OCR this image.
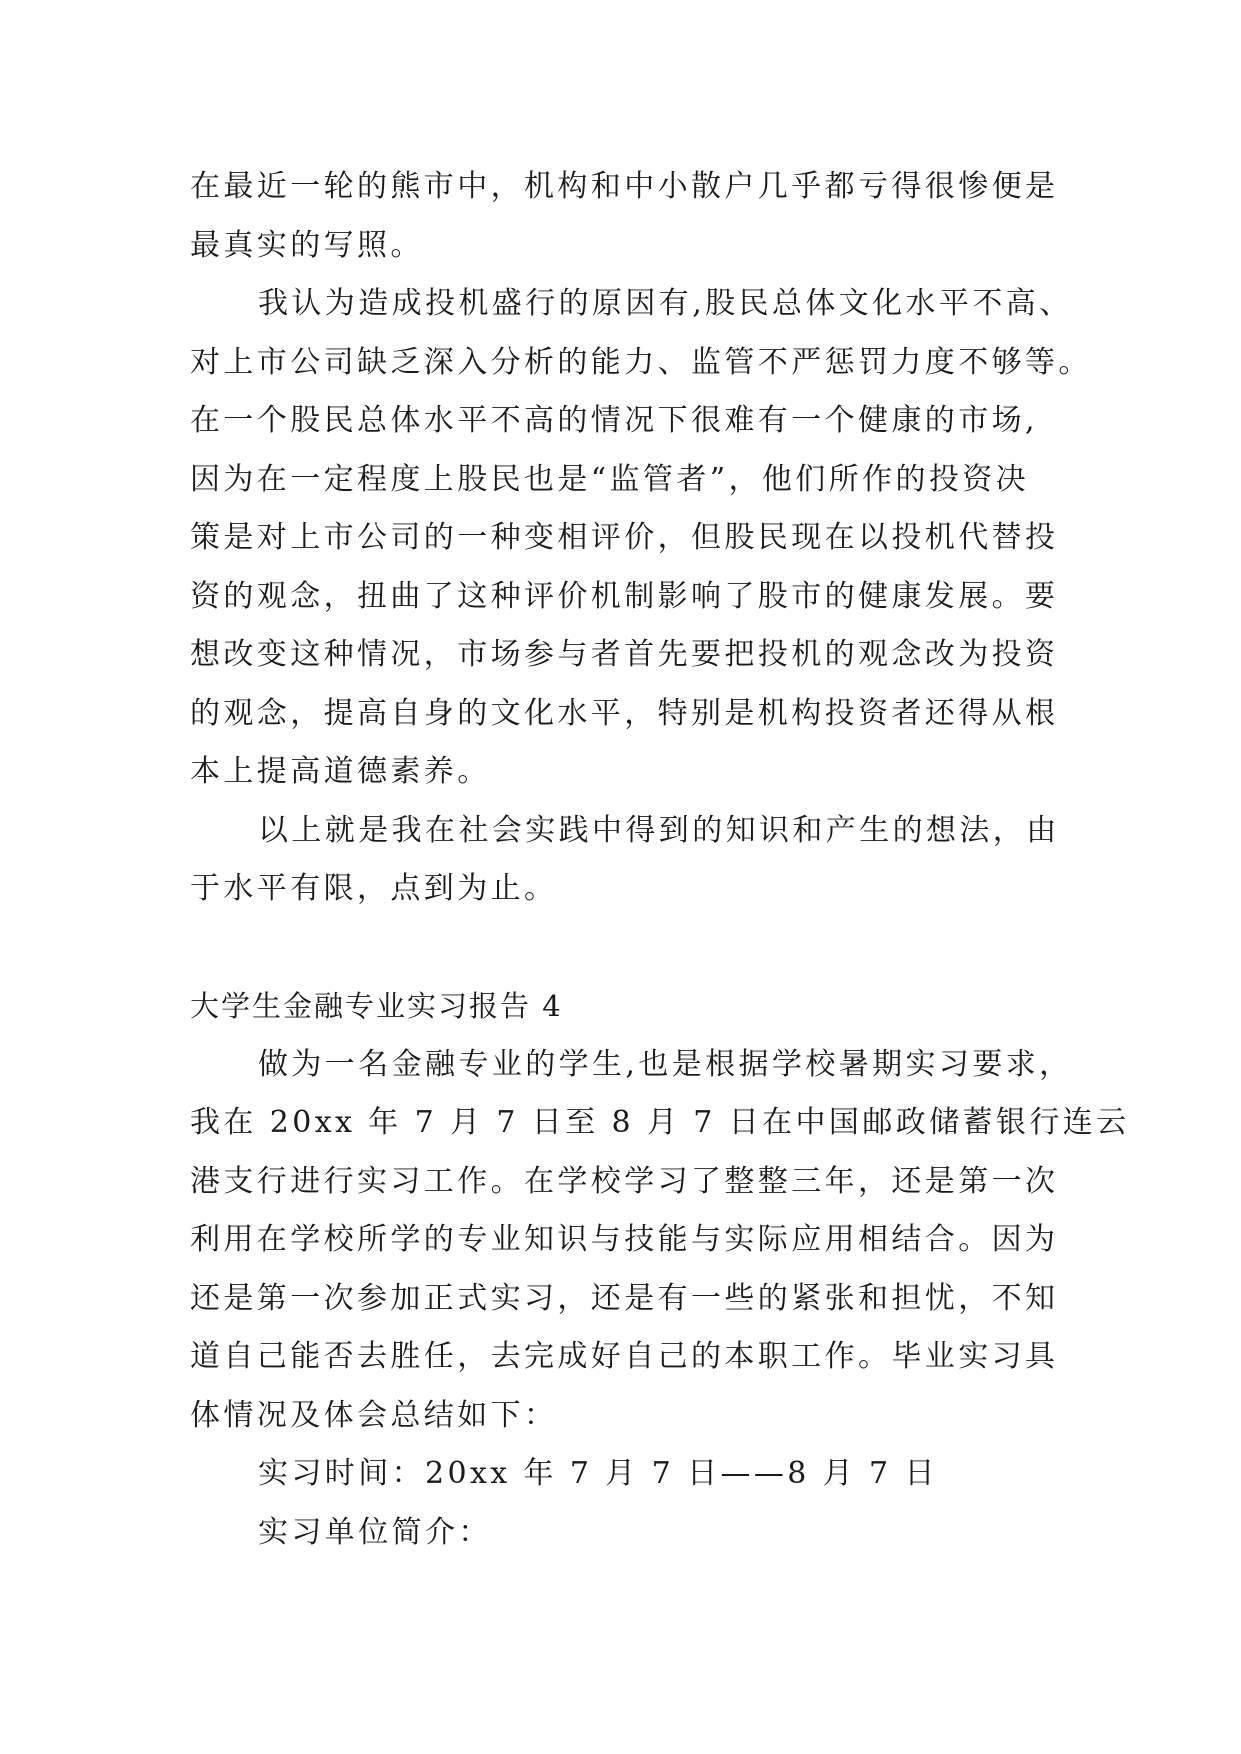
在最近一轮的熊市中，机构和中小散户几乎都亏得很惨便是
最真实的写照。
我认为造成投机盛行的原因有,股民总体文化水平不高、
对上市公司缺乏深入分析的能力、监管不严惩罚力度不够等。
在一个股民总体水平不高的情况下很难有一个健康的市场,
因为在一定程度上股民也是“监管者”，他们所作的投资决
策是对上市公司的一种变相评价，但股民现在以投机代替投
资的观念，扭曲了这种评价机制影响了股市的健康发展。要
想改变这种情况，市场参与者首先要把投机的观念改为投资
的观念，提高自身的文化水平，特别是机构投资者还得从根
本上提高道德素养。
以上就是我在社会实践中得到的知识和产生的想法，由
于水平有限，点到为止。
大学生金融专业实习报告 4
做为一名金融专业的学生,也是根据学校暑期实习要求，
我在 20xx 年 7 月 7 日至 8 月 7 日在中国邮政储蓄银行连云
港支行进行实习工作。在学校学习了整整三年，还是第一次
利用在学校所学的专业知识与技能与实际应用相结合。因为
还是第一次参加正式实习，还是有一些的紧张和担忧，不知
道自己能否去胜任，去完成好自己的本职工作。毕业实习具
体情况及体会总结如下：
实习时间：20xx 年 7 月 7 日——8 月 7 日
实习单位简介：
